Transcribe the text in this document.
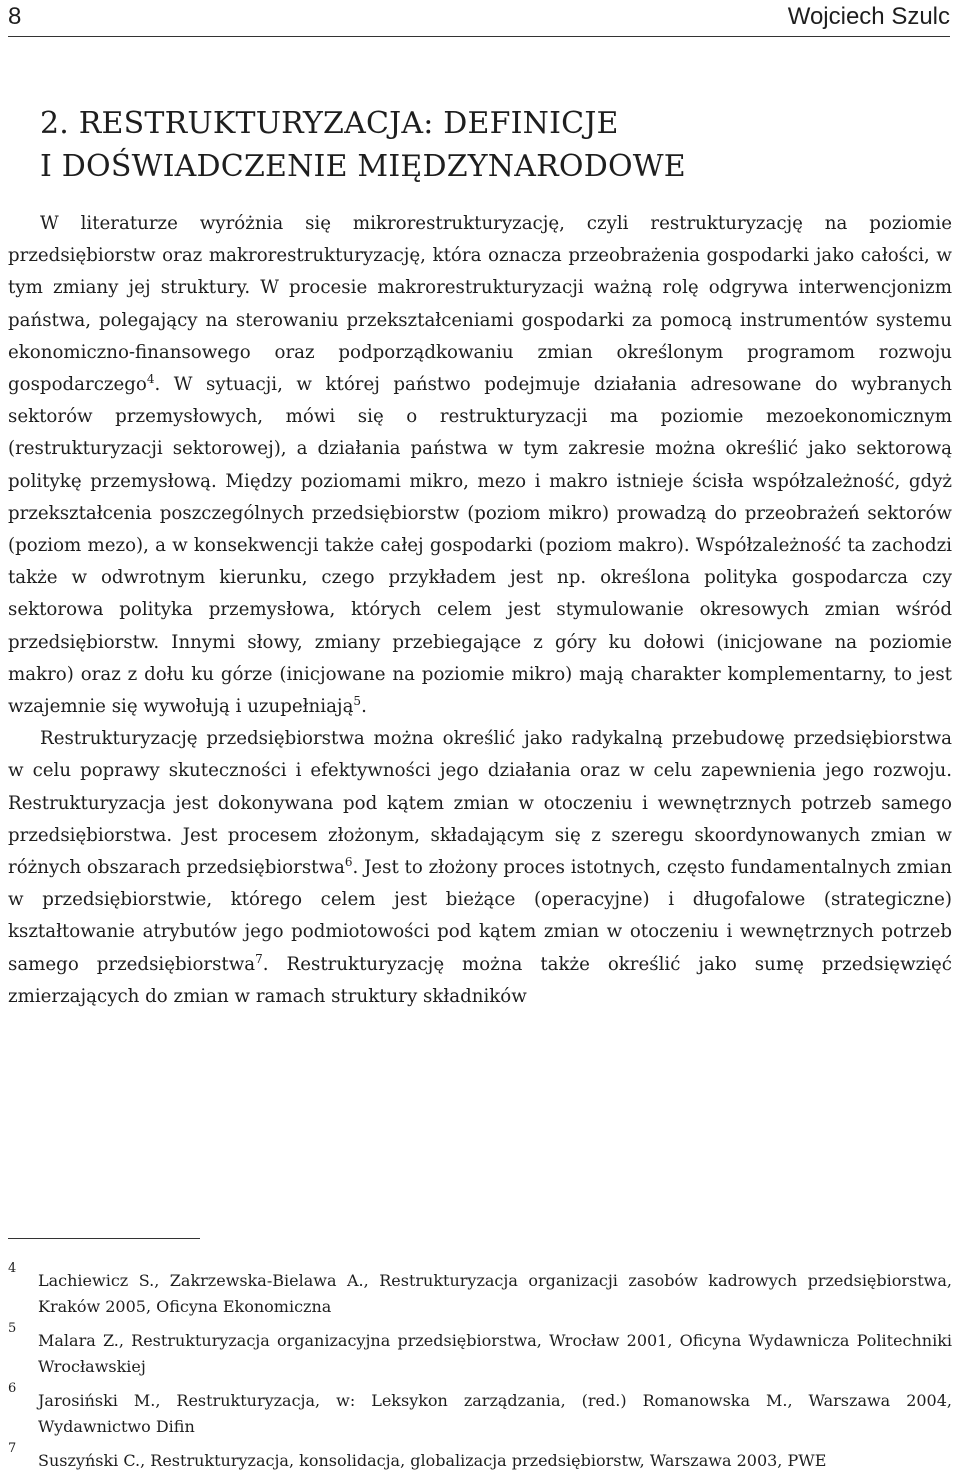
8	Wojciech Szulc
2. RESTRUKTURYZACJA: DEFINICJE
I DOŚWIADCZENIE MIĘDZYNARODOWE

W literaturze wyróżnia się mikrorestrukturyzację, czyli restrukturyzację na poziomie przedsiębiorstw oraz makrorestrukturyzację, która oznacza przeobrażenia gospodarki jako całości, w tym zmiany jej struktury. W procesie makrorestrukturyzacji ważną rolę odgrywa interwencjonizm państwa, polegający na sterowaniu przekształceniami gospodarki za pomocą instrumentów systemu ekonomiczno-finansowego oraz podporządkowaniu zmian określonym programom rozwoju gospodarczego$^4$. W sytuacji, w której państwo podejmuje działania adresowane do wybranych sektorów przemysłowych, mówi się o restrukturyzacji ma poziomie mezoekonomicznym (restrukturyzacji sektorowej), a działania państwa w tym zakresie można określić jako sektorową politykę przemysłową. Między poziomami mikro, mezo i makro istnieje ścisła współzależność, gdyż przekształcenia poszczególnych przedsiębiorstw (poziom mikro) prowadzą do przeobrażeń sektorów (poziom mezo), a w konsekwencji także całej gospodarki (poziom makro). Współzależność ta zachodzi także w odwrotnym kierunku, czego przykładem jest np. określona polityka gospodarcza czy sektorowa polityka przemysłowa, których celem jest stymulowanie okresowych zmian wśród przedsiębiorstw. Innymi słowy, zmiany przebiegające z góry ku dołowi (inicjowane na poziomie makro) oraz z dołu ku górze (inicjowane na poziomie mikro) mają charakter komplementarny, to jest wzajemnie się wywołują i uzupełniają$^5$.

Restrukturyzację przedsiębiorstwa można określić jako radykalną przebudowę przedsiębiorstwa w celu poprawy skuteczności i efektywności jego działania oraz w celu zapewnienia jego rozwoju. Restrukturyzacja jest dokonywana pod kątem zmian w otoczeniu i wewnętrznych potrzeb samego przedsiębiorstwa. Jest procesem złożonym, składającym się z szeregu skoordynowanych zmian w różnych obszarach przedsiębiorstwa$^6$. Jest to złożony proces istotnych, często fundamentalnych zmian w przedsiębiorstwie, którego celem jest bieżące (operacyjne) i długofalowe (strategiczne) kształtowanie atrybutów jego podmiotowości pod kątem zmian w otoczeniu i wewnętrznych potrzeb samego przedsiębiorstwa$^7$. Restrukturyzację można także określić jako sumę przedsięwzięć zmierzających do zmian w ramach struktury składników

4
Lachiewicz S., Zakrzewska-Bielawa A., Restrukturyzacja organizacji zasobów kadrowych przedsiębiorstwa, Kraków 2005, Oficyna Ekonomiczna
5
Malara Z., Restrukturyzacja organizacyjna przedsiębiorstwa, Wrocław 2001, Oficyna Wydawnicza Politechniki Wrocławskiej
6
Jarosiński M., Restrukturyzacja, w: Leksykon zarządzania, (red.) Romanowska M., Warszawa 2004, Wydawnictwo Difin
7
Suszyński C., Restrukturyzacja, konsolidacja, globalizacja przedsiębiorstw, Warszawa 2003, PWE
